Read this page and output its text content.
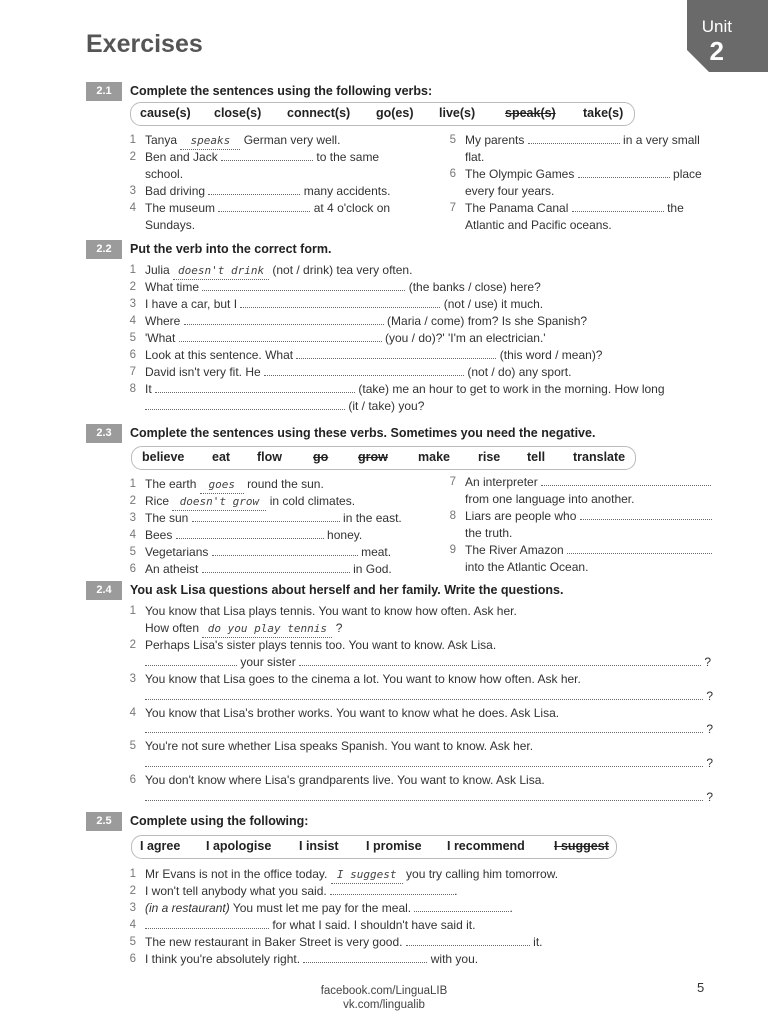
Exercises
Unit
2
2.1	Complete the sentences using the following verbs:
cause(s) close(s) connect(s) go(es) live(s) speak(s) take(s)
1 Tanya speaks German very well.
2 Ben and Jack	to the same
school.
3 Bad driving	many accidents.
4 The museum	at 4 o'clock on
Sundays.
5 My parents	in a very small
flat.
6 The Olympic Games	place
every four years.
7 The Panama Canal	the
Atlantic and Pacific oceans.
2.2	Put the verb into the correct form.
1 Julia doesn't drink (not / drink) tea very often.
2 What time	(the banks / close) here?
3 I have a car, but I	(not / use) it much.
4 Where	(Maria / come) from? Is she Spanish?
5 'What	(you / do)?' 'I'm an electrician.'
6 Look at this sentence. What	(this word / mean)?
7 David isn't very fit. He	(not / do) any sport.
8 It	(take) me an hour to get to work in the morning. How long
(it / take) you?
2.3	Complete the sentences using these verbs. Sometimes you need the negative.
believe eat flow go grow make rise tell translate
1 The earth goes round the sun.
2 Rice doesn't grow in cold climates.
3 The sun	in the east.
4 Bees	honey.
5 Vegetarians	meat.
6 An atheist	in God.
7 An interpreter
from one language into another.
8 Liars are people who
the truth.
9 The River Amazon
into the Atlantic Ocean.
2.4	You ask Lisa questions about herself and her family. Write the questions.
1 You know that Lisa plays tennis. You want to know how often. Ask her.
How often do you play tennis ?
2 Perhaps Lisa's sister plays tennis too. You want to know. Ask Lisa.
your sister	?
3 You know that Lisa goes to the cinema a lot. You want to know how often. Ask her.
?
4 You know that Lisa's brother works. You want to know what he does. Ask Lisa.
?
5 You're not sure whether Lisa speaks Spanish. You want to know. Ask her.
?
6 You don't know where Lisa's grandparents live. You want to know. Ask Lisa.
?
2.5	Complete using the following:
I agree I apologise I insist I promise I recommend I suggest
1 Mr Evans is not in the office today. I suggest you try calling him tomorrow.
2 I won't tell anybody what you said.	.
3 (in a restaurant) You must let me pay for the meal.	.
4	for what I said. I shouldn't have said it.
5 The new restaurant in Baker Street is very good.	it.
6 I think you're absolutely right.	with you.
facebook.com/LinguaLIB
vk.com/lingualib
5
